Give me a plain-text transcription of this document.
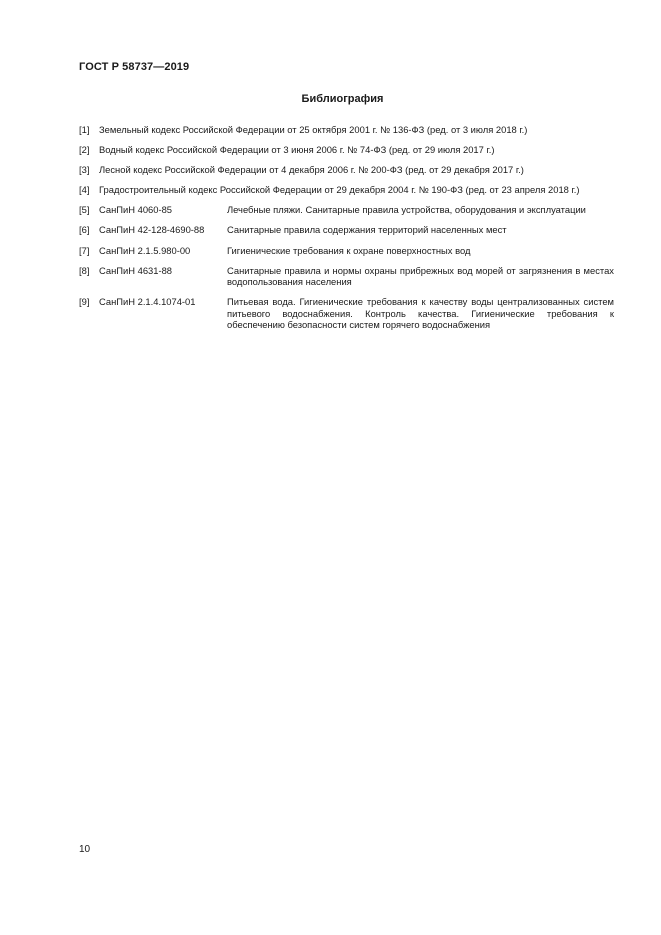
ГОСТ Р 58737—2019
Библиография
[1]	Земельный кодекс Российской Федерации от 25 октября 2001 г. № 136-ФЗ (ред. от 3 июля 2018 г.)
[2]	Водный кодекс Российской Федерации от 3 июня 2006 г. № 74-ФЗ (ред. от 29 июля 2017 г.)
[3]	Лесной кодекс Российской Федерации от 4 декабря 2006 г. № 200-ФЗ (ред. от 29 декабря 2017 г.)
[4]	Градостроительный кодекс Российской Федерации от 29 декабря 2004 г. № 190-ФЗ (ред. от 23 апреля 2018 г.)
[5]	СанПиН 4060-85	Лечебные пляжи. Санитарные правила устройства, оборудования и эксплуатации
[6]	СанПиН 42-128-4690-88	Санитарные правила содержания территорий населенных мест
[7]	СанПиН 2.1.5.980-00	Гигиенические требования к охране поверхностных вод
[8]	СанПиН 4631-88	Санитарные правила и нормы охраны прибрежных вод морей от загрязнения в местах водопользования населения
[9]	СанПиН 2.1.4.1074-01	Питьевая вода. Гигиенические требования к качеству воды централизованных систем питьевого водоснабжения. Контроль качества. Гигиенические требования к обеспечению безопасности систем горячего водоснабжения
10
